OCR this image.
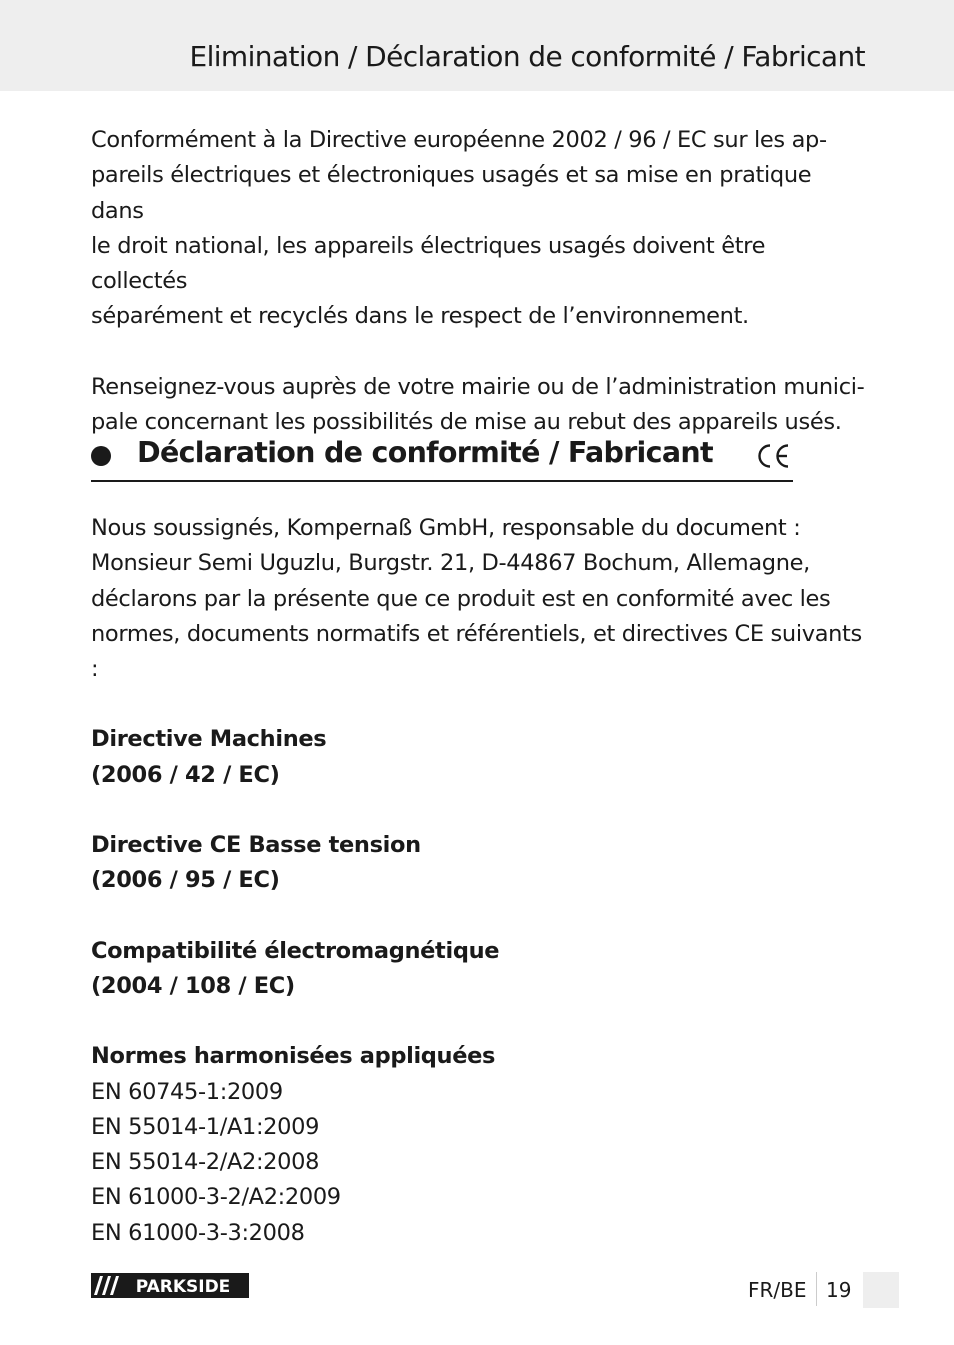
Elimination / Déclaration de conformité / Fabricant

Conformément à la Directive européenne 2002 / 96 / EC sur les ap-
pareils électriques et électroniques usagés et sa mise en pratique dans
le droit national, les appareils électriques usagés doivent être collectés
séparément et recyclés dans le respect de l’environnement.

Renseignez-vous auprès de votre mairie ou de l’administration munici-
pale concernant les possibilités de mise au rebut des appareils usés.

Déclaration de conformité / Fabricant

Nous soussignés, Kompernaß GmbH, responsable du document :
Monsieur Semi Uguzlu, Burgstr. 21, D-44867 Bochum, Allemagne,
déclarons par la présente que ce produit est en conformité avec les
normes, documents normatifs et référentiels, et directives CE suivants :

Directive Machines
(2006 / 42 / EC)

Directive CE Basse tension
(2006 / 95 / EC)

Compatibilité électromagnétique
(2004 / 108 / EC)

Normes harmonisées appliquées
EN 60745-1:2009
EN 55014-1/A1:2009
EN 55014-2/A2:2008
EN 61000-3-2/A2:2009
EN 61000-3-3:2008

PARKSIDE	FR/BE 19
